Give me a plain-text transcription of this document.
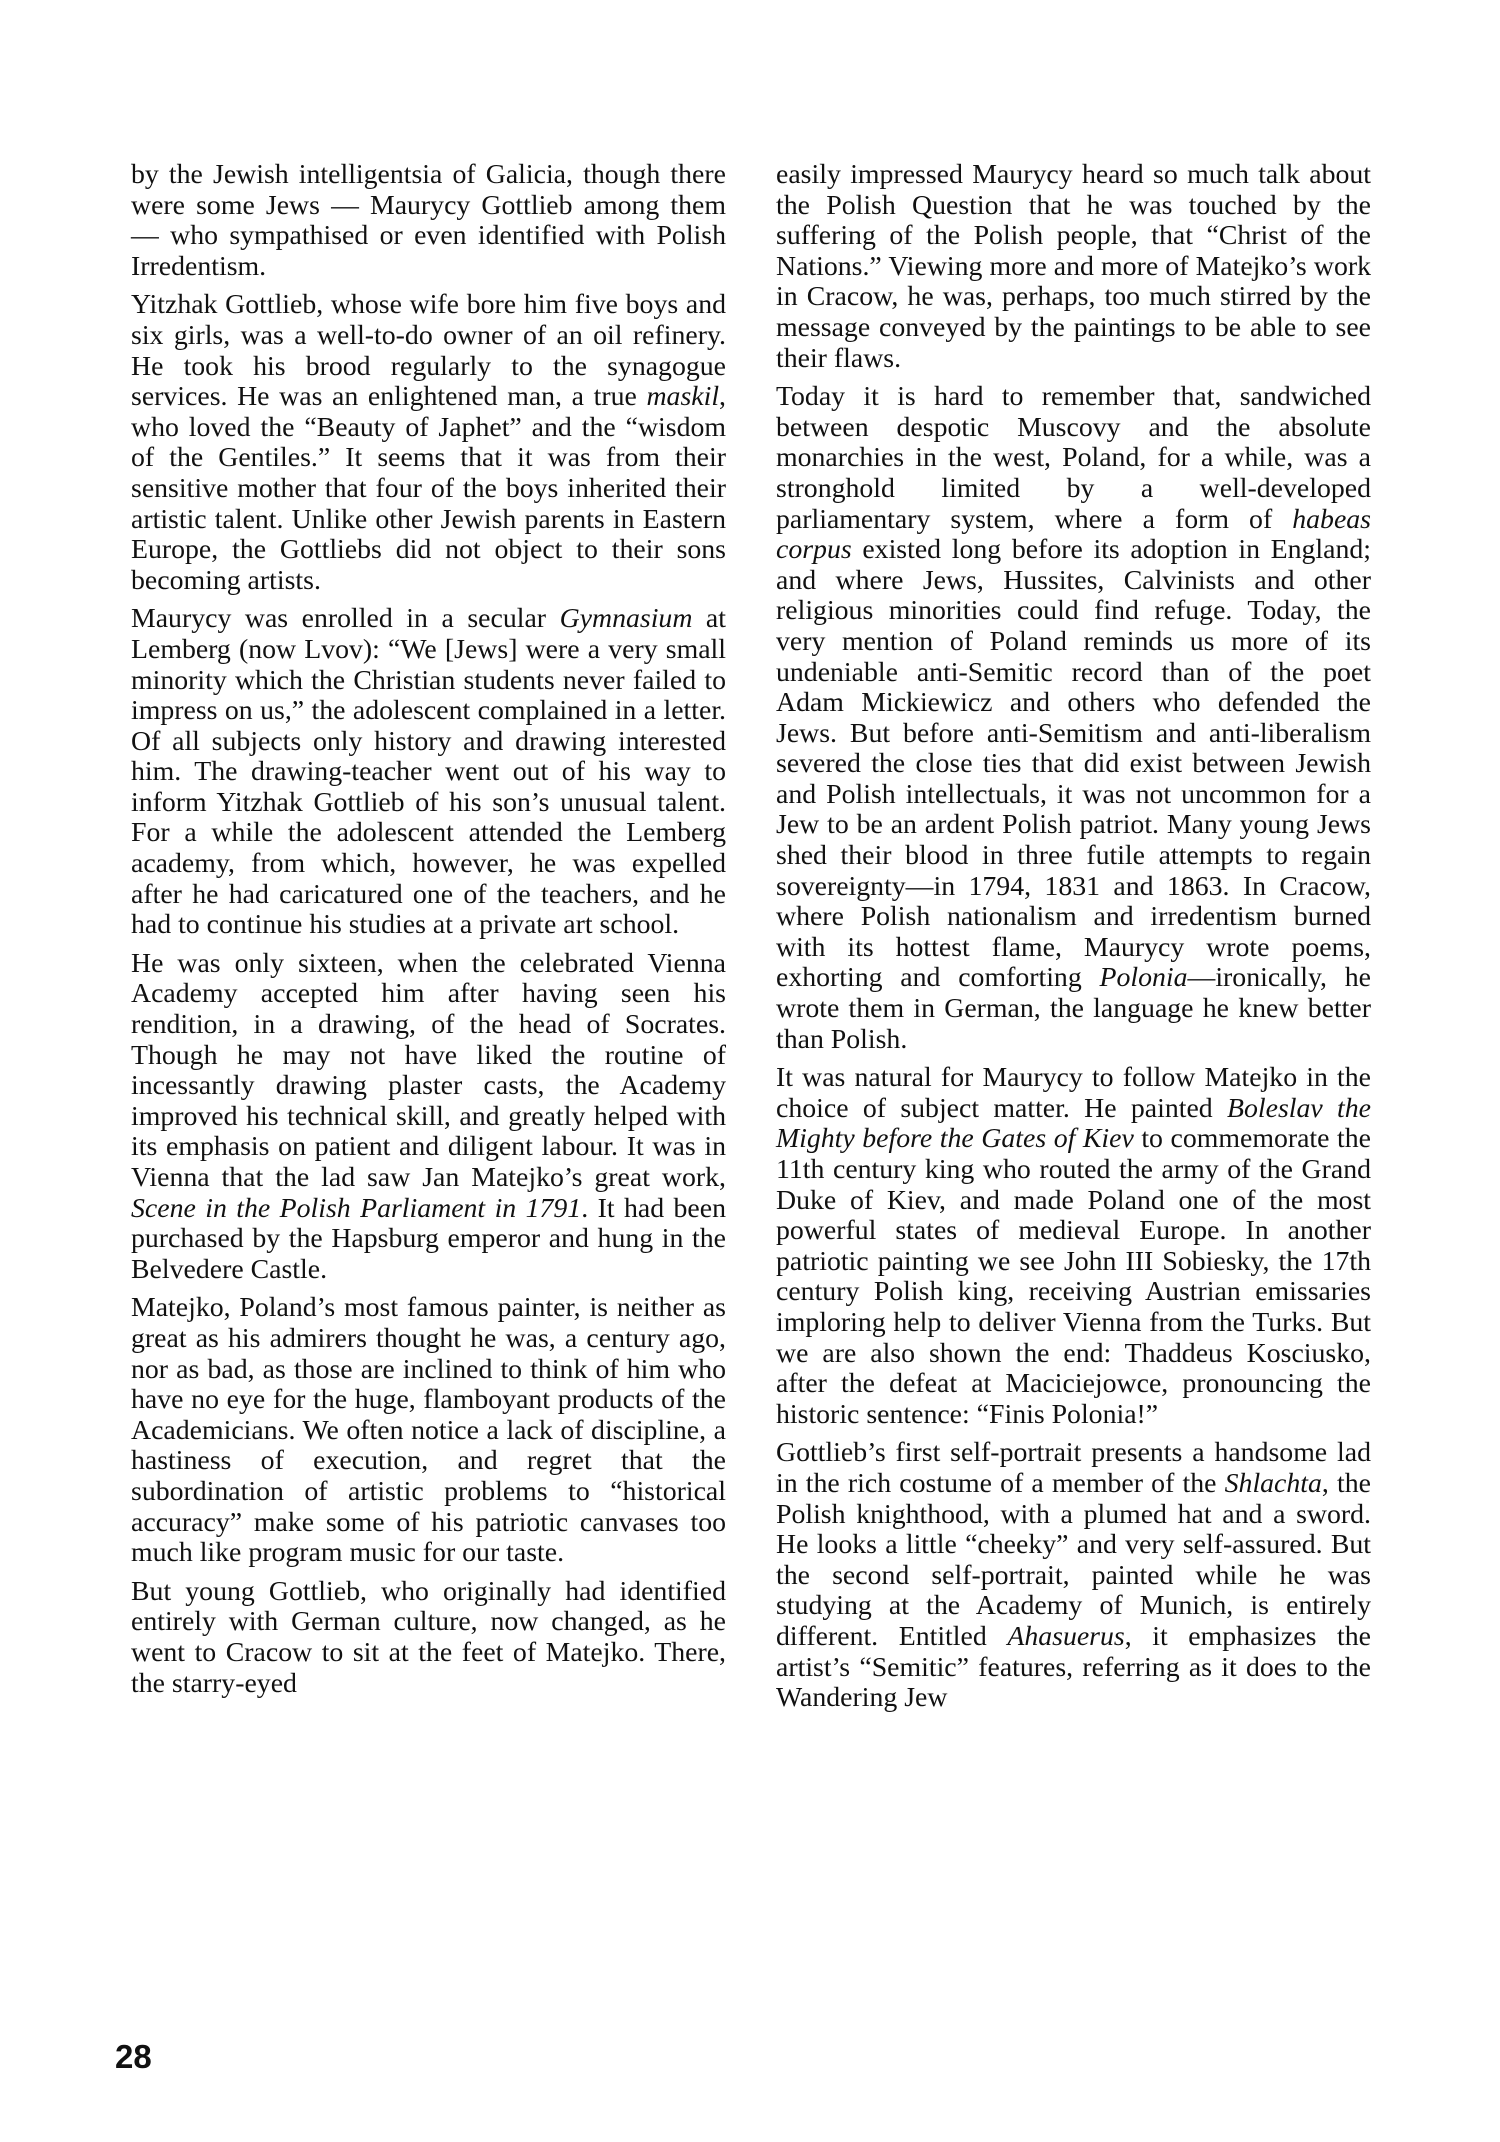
by the Jewish intelligentsia of Galicia, though there were some Jews — Maurycy Gottlieb among them — who sympathised or even identified with Polish Irredentism.

Yitzhak Gottlieb, whose wife bore him five boys and six girls, was a well-to-do owner of an oil refinery. He took his brood regularly to the synagogue services. He was an enlightened man, a true maskil, who loved the “Beauty of Japhet” and the “wisdom of the Gentiles.” It seems that it was from their sensitive mother that four of the boys inherited their artistic talent. Unlike other Jewish parents in Eastern Europe, the Gottliebs did not object to their sons becoming artists.

Maurycy was enrolled in a secular Gymnasium at Lemberg (now Lvov): “We [Jews] were a very small minority which the Christian students never failed to impress on us,” the adolescent complained in a letter. Of all subjects only history and drawing interested him. The drawing-teacher went out of his way to inform Yitzhak Gottlieb of his son’s unusual talent. For a while the adolescent attended the Lemberg academy, from which, however, he was expelled after he had caricatured one of the teachers, and he had to continue his studies at a private art school.

He was only sixteen, when the celebrated Vienna Academy accepted him after having seen his rendition, in a drawing, of the head of Socrates. Though he may not have liked the routine of incessantly drawing plaster casts, the Academy improved his technical skill, and greatly helped with its emphasis on patient and diligent labour. It was in Vienna that the lad saw Jan Matejko’s great work, Scene in the Polish Parliament in 1791. It had been purchased by the Hapsburg emperor and hung in the Belvedere Castle.

Matejko, Poland’s most famous painter, is neither as great as his admirers thought he was, a century ago, nor as bad, as those are inclined to think of him who have no eye for the huge, flamboyant products of the Academicians. We often notice a lack of discipline, a hastiness of execution, and regret that the subordination of artistic problems to “historical accuracy” make some of his patriotic canvases too much like program music for our taste.

But young Gottlieb, who originally had identified entirely with German culture, now changed, as he went to Cracow to sit at the feet of Matejko. There, the starry-eyed

easily impressed Maurycy heard so much talk about the Polish Question that he was touched by the suffering of the Polish people, that “Christ of the Nations.” Viewing more and more of Matejko’s work in Cracow, he was, perhaps, too much stirred by the message conveyed by the paintings to be able to see their flaws.

Today it is hard to remember that, sandwiched between despotic Muscovy and the absolute monarchies in the west, Poland, for a while, was a stronghold limited by a well-developed parliamentary system, where a form of habeas corpus existed long before its adoption in England; and where Jews, Hussites, Calvinists and other religious minorities could find refuge. Today, the very mention of Poland reminds us more of its undeniable anti-Semitic record than of the poet Adam Mickiewicz and others who defended the Jews. But before anti-Semitism and anti-liberalism severed the close ties that did exist between Jewish and Polish intellectuals, it was not uncommon for a Jew to be an ardent Polish patriot. Many young Jews shed their blood in three futile attempts to regain sovereignty—in 1794, 1831 and 1863. In Cracow, where Polish nationalism and irredentism burned with its hottest flame, Maurycy wrote poems, exhorting and comforting Polonia—ironically, he wrote them in German, the language he knew better than Polish.

It was natural for Maurycy to follow Matejko in the choice of subject matter. He painted Boleslav the Mighty before the Gates of Kiev to commemorate the 11th century king who routed the army of the Grand Duke of Kiev, and made Poland one of the most powerful states of medieval Europe. In another patriotic painting we see John III Sobiesky, the 17th century Polish king, receiving Austrian emissaries imploring help to deliver Vienna from the Turks. But we are also shown the end: Thaddeus Kosciusko, after the defeat at Maciciejowce, pronouncing the historic sentence: “Finis Polonia!”

Gottlieb’s first self-portrait presents a handsome lad in the rich costume of a member of the Shlachta, the Polish knighthood, with a plumed hat and a sword. He looks a little “cheeky” and very self-assured. But the second self-portrait, painted while he was studying at the Academy of Munich, is entirely different. Entitled Ahasuerus, it emphasizes the artist’s “Semitic” features, referring as it does to the Wandering Jew

28
